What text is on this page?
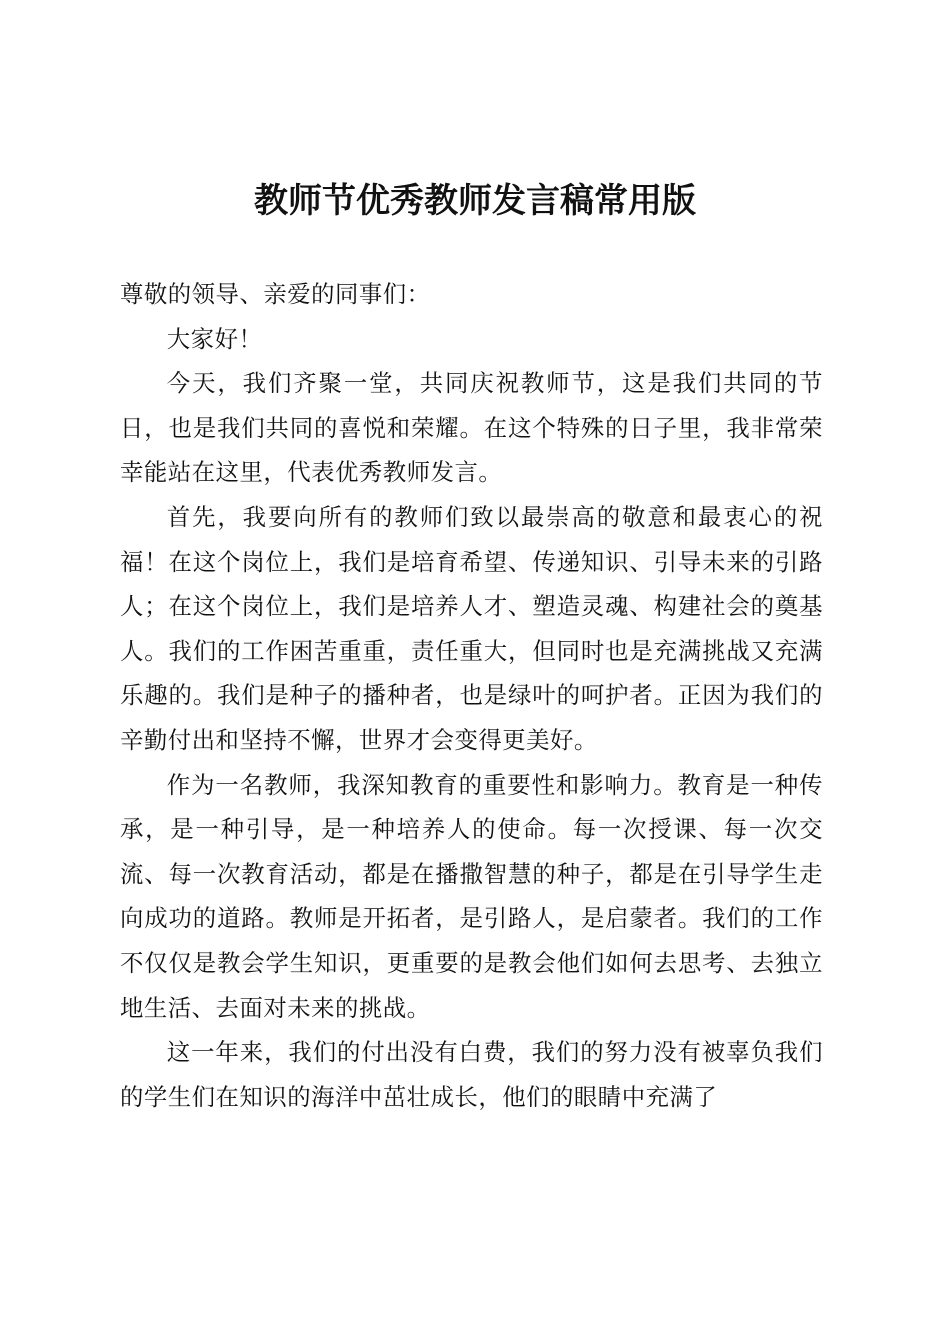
教师节优秀教师发言稿常用版

尊敬的领导、亲爱的同事们：

大家好！

今天，我们齐聚一堂，共同庆祝教师节，这是我们共同的节日，也是我们共同的喜悦和荣耀。在这个特殊的日子里，我非常荣幸能站在这里，代表优秀教师发言。

首先，我要向所有的教师们致以最崇高的敬意和最衷心的祝福！在这个岗位上，我们是培育希望、传递知识、引导未来的引路人；在这个岗位上，我们是培养人才、塑造灵魂、构建社会的奠基人。我们的工作困苦重重，责任重大，但同时也是充满挑战又充满乐趣的。我们是种子的播种者，也是绿叶的呵护者。正因为我们的辛勤付出和坚持不懈，世界才会变得更美好。

作为一名教师，我深知教育的重要性和影响力。教育是一种传承，是一种引导，是一种培养人的使命。每一次授课、每一次交流、每一次教育活动，都是在播撒智慧的种子，都是在引导学生走向成功的道路。教师是开拓者，是引路人，是启蒙者。我们的工作不仅仅是教会学生知识，更重要的是教会他们如何去思考、去独立地生活、去面对未来的挑战。

这一年来，我们的付出没有白费，我们的努力没有被辜负我们的学生们在知识的海洋中茁壮成长，他们的眼睛中充满了
